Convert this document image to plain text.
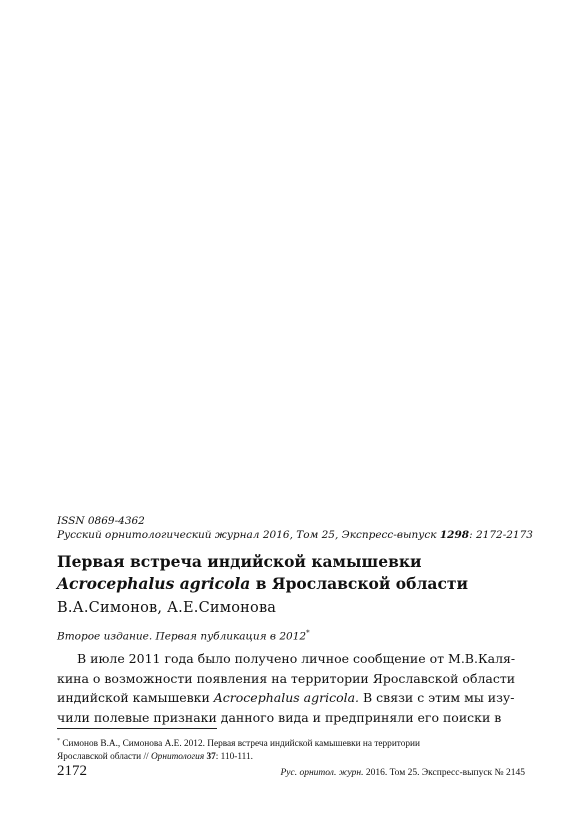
ISSN 0869-4362
Русский орнитологический журнал 2016, Том 25, Экспресс-выпуск 1298: 2172-2173
Первая встреча индийской камышевки
Acrocephalus agricola в Ярославской области
В.А.Симонов, А.Е.Симонова
Второе издание. Первая публикация в 2012*
В июле 2011 года было получено личное сообщение от М.В.Каля-
кина о возможности появления на территории Ярославской области
индийской камышевки Acrocephalus agricola. В связи с этим мы изу-
чили полевые признаки данного вида и предприняли его поиски в
* Симонов В.А., Симонова А.Е. 2012. Первая встреча индийской камышевки на территории
Ярославской области // Орнитология 37: 110-111.
2172	Рус. орнитол. журн. 2016. Том 25. Экспресс-выпуск № 2145
